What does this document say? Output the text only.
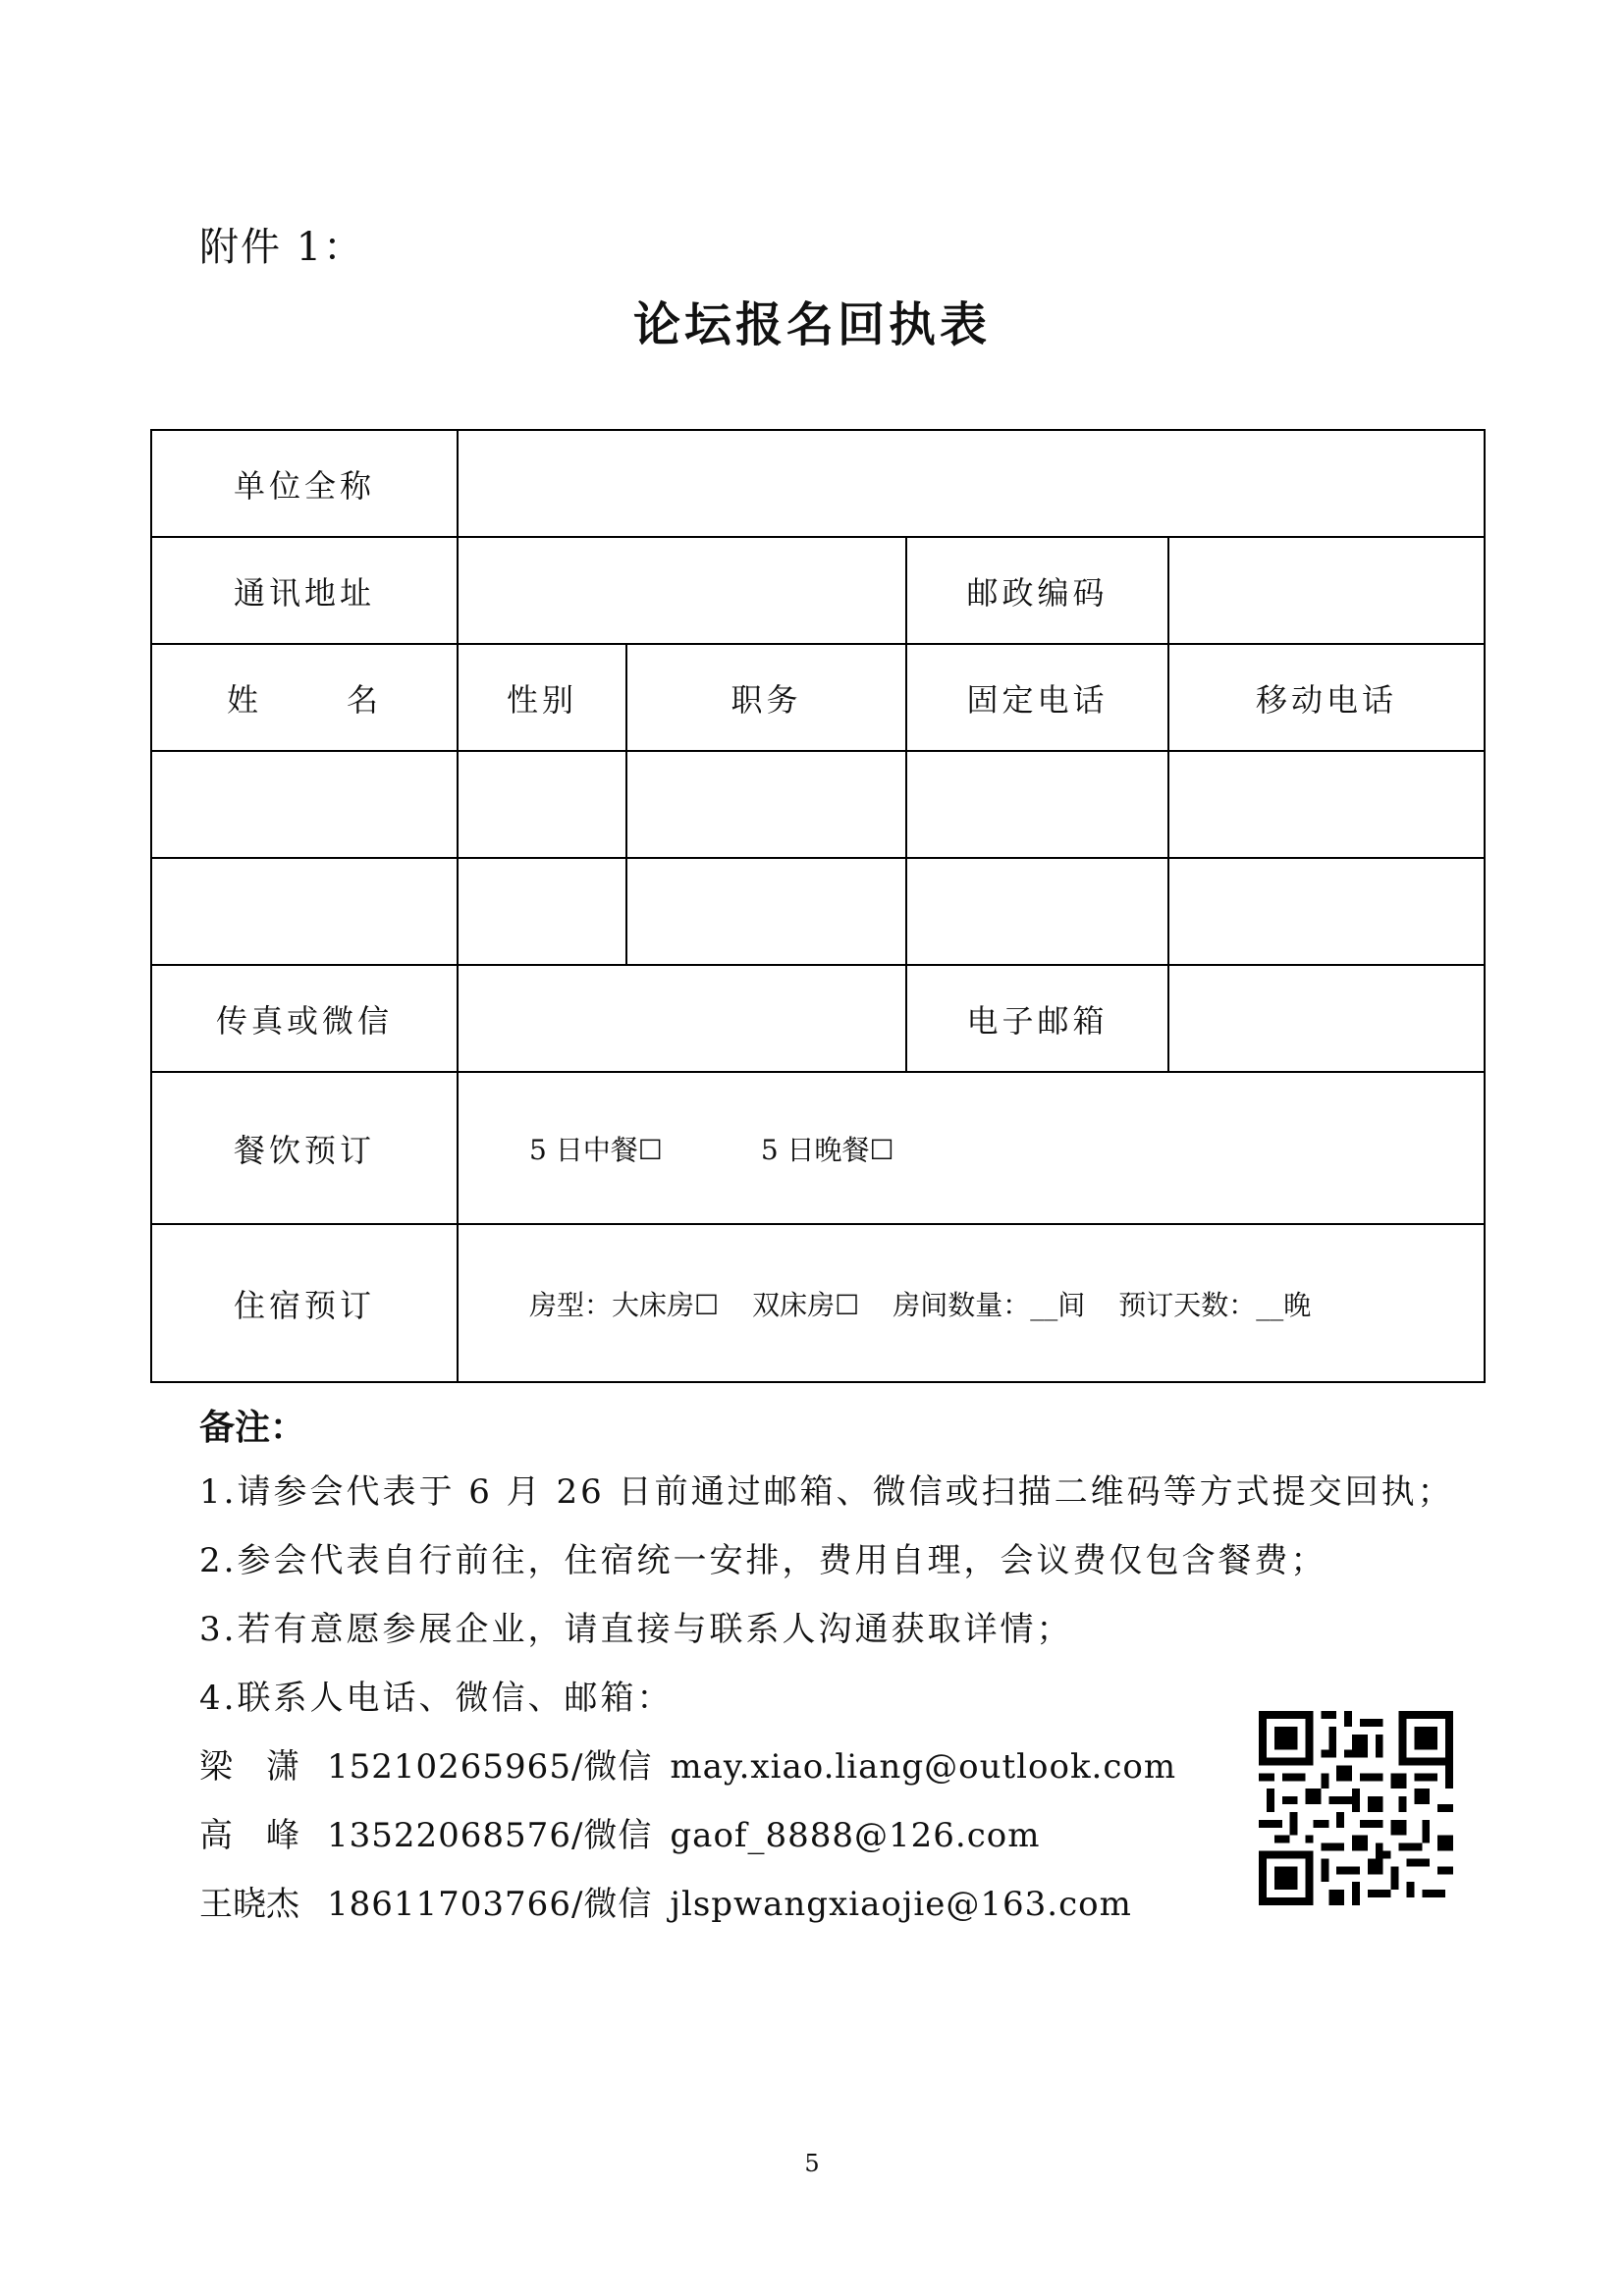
附件 1：
论坛报名回执表
单位全称				
通讯地址			邮政编码	
姓 名	性别	职务	固定电话	移动电话

传真或微信			电子邮箱	
餐饮预订	5 日中餐☐ 5 日晚餐☐			
住宿预订	房型：大床房☐ 双床房☐ 房间数量：__间 预订天数：__晚			
备注：
1.请参会代表于 6 月 26 日前通过邮箱、微信或扫描二维码等方式提交回执；
2.参会代表自行前往，住宿统一安排，费用自理，会议费仅包含餐费；
3.若有意愿参展企业，请直接与联系人沟通获取详情；
4.联系人电话、微信、邮箱：
梁　潇 15210265965/微信 may.xiao.liang@outlook.com
高　峰 13522068576/微信 gaof_8888@126.com
王晓杰 18611703766/微信 jlspwangxiaojie@163.com
5
